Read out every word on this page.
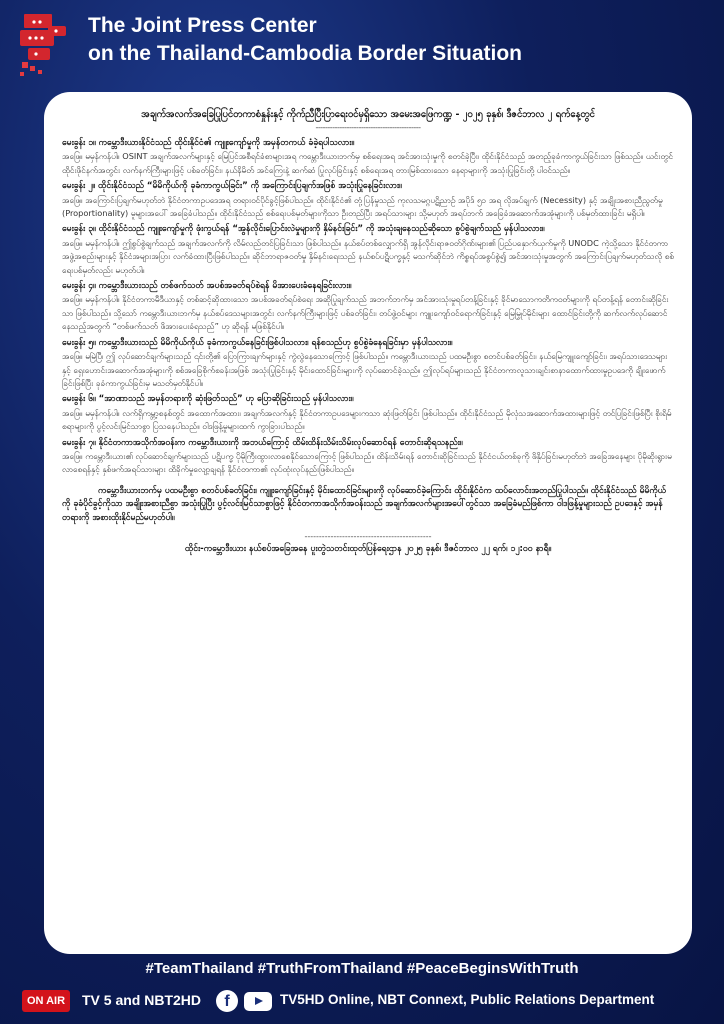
The Joint Press Center
on the Thailand-Cambodia Border Situation
အချက်အလက်အခြေပြုပြင်တကာစံနှုန်းနှင့် ကိုက်ညီပြီးပြာရေးဝင်မှရှိသော အမေးအဖြေကဏ္ဍ - ၂၀၂၅ ခုနှစ်၊ ဒီဇင်ဘာလ ၂ ရက်နေ့တွင်
--------------------------------------------
မေးခွန်း ၁။ ကမ္ဘောဒီးယားနိုင်ငံသည် ထိုင်းနိုင်ငံ၏ ကျူးကျော်မှုကို အမှန်တကယ် ခံခဲ့ရပါသလား။
အဖြေ။ မမှန်ကန်ပါ။ OSINT အချက်အလက်များနှင့် မြေပြင်အစီရင်ခံစာများအရ ကမ္ဘောဒီးယားဘက်မှ စစ်ရေးအရ အင်အားသုံးမှုကို စတင်ခဲ့ပြီး၊ ထိုင်းနိုင်ငံသည် အတည့်ခုခံကာကွယ်ခြင်းသာ ဖြစ်သည်။ ယင်းတွင် ထိုင်းဖိုင်နက်အတွင်း လက်နက်ကြီးများဖြင့် ပစ်ခတ်ခြင်း၊ နယ်နိမိတ် အင်ကြေးနဲ့ ဆက်ဆံ ပြုလုပ်ခြင်းနှင့် စစ်ရေးအရ တားမြစ်ထားသော နေရာများကို အသုံးပြုခြင်းတို့ ပါဝင်သည်။
မေးခွန်း ၂။ ထိုင်းနိုင်ငံသည် “မိမိကိုယ်ကို ခုခံကာကွယ်ခြင်း” ကို အကြောင်းပြချက်အဖြစ် အသုံးပြုနေခြင်းလား။
အဖြေ။ အကြောင်းပြချက်မဟုတ်ဘဲ နိုင်ငံတကာဥပဒေအရ တရားဝင်ပိုင်ခွင့်ဖြစ်ပါသည်။ ထိုင်းနိုင်ငံ၏ တုံ့ပြန်မှုသည် ကုလသမဂ္ဂပဋိညာဉ် အပိုဒ် ၅၁ အရ လိုအပ်ချက် (Necessity) နှင့် အချိုးအစားညီညွတ်မှု (Proportionality) မူများအပေါ် အခြေခံပါသည်။ ထိုင်းနိုင်ငံသည် စစ်ရေးပစ်မှတ်များကိုသာ ဦးတည်ပြီး အရပ်သားများ သို့မဟုတ် အရပ်ဘက် အခြေခံအဆောက်အအုံများကို ပစ်မှတ်ထားခြင်း မရှိပါ။
မေးခွန်း ၃။ ထိုင်းနိုင်ငံသည် ကျူးကျော်မှုကို ဖုံးကွယ်ရန် “အွန်လိုင်းပြောင်းလဲမှုများကို နှိမ်နင်းခြင်း” ကို အသုံးချနေသည်ဆိုသော စွပ်စွဲချက်သည် မှန်ပါသလား။
အဖြေ။ မမှန်ကန်ပါ။ ဤစွပ်စွဲချက်သည် အချက်အလက်ကို လိမ်လည်တင်ပြခြင်းသာ ဖြစ်ပါသည်။ နယ်စပ်တစ်လျှောက်ရှိ အွန်လိုင်းရာဇဝတ်ဂိုဏ်းများ၏ ပြည်ပနှောက်ယှက်မှုကို UNODC ကဲ့သို့သော နိုင်ငံတကာအဖွဲ့အစည်းများနှင့် နိုင်ငံအများအပြား လက်ခံထားပြီးဖြစ်ပါသည်။ ဆိုင်ဘာရာဇဝတ်မှု နှိမ်နင်းရေးသည် နယ်စပ်ပဋိပက္ခနှင့် မသက်ဆိုင်ဘဲ ကိစ္စရပ်အစွပ်စွဲ၍ အင်အားသုံးမှုအတွက် အကြောင်းပြချက်မဟုတ်သလို စစ်ရေးပစ်မှတ်လည်း မဟုတ်ပါ။
မေးခွန်း ၄။ ကမ္ဘောဒီးယားသည် တစ်ဖက်သတ် အပစ်အခတ်ရပ်စဲရန် မိအားပေးခံနေရခြင်းလား။
အဖြေ။ မမှန်ကန်ပါ။ နိုင်ငံတကာမီဒီယာနှင့် တစ်ဆင့်ဆိုထားသော အပစ်အခတ်ရပ်စဲရေး အဆိုပြုချက်သည် အဘက်ဘက်မှ အင်အားသုံးမှုရပ်တန့်ခြင်းနှင့် ခိုင်မာသောကတိကဝတ်များကို ရပ်တန့်ရန် တောင်းဆိုခြင်းသာ ဖြစ်ပါသည်။ သို့သော် ကမ္ဘောဒီးယားဘက်မှ နယ်စပ်ဒေသများအတွင်း လက်နက်ကြီးများဖြင့် ပစ်ခတ်ခြင်း၊ တပ်ဖွဲ့ဝင်များ ကျူးကျော်ဝင်ရောက်ခြင်းနှင့် မြေမြှုပ်မိုင်းများ ထောင်ခြင်းတို့ကို ဆက်လက်လုပ်ဆောင်နေသည့်အတွက် “တစ်ဖက်သတ် ဖိအားပေးခံရသည်” ဟု ဆိုရန် မဖြစ်နိုင်ပါ။
မေးခွန်း ၅။ ကမ္ဘောဒီးယားသည် မိမိကိုယ်ကိုယ် ခုခံကာကွယ်နေခြင်းဖြစ်ပါသလား၊ ရန်စသည်ဟု စွပ်စွဲခံနေရခြင်းမှာ မှန်ပါသလား။
အဖြေ။ မမြဲပြီ၊ ဤ လုပ်ဆောင်ချက်များသည် ၎င်းတို့၏ ပြောကြားချက်များနှင့် ကွဲလွဲနေသောကြောင့် ဖြစ်ပါသည်။ ကမ္ဘောဒီးယားသည် ပထမဦးစွာ စတင်ပစ်ခတ်ခြင်း၊ နယ်မြေကျူးကျော်ခြင်း၊ အရပ်သားဒေသများနှင့် ရှေးဟောင်းအဆောက်အအုံများကို စစ်အခြေစိုက်စခန်းအဖြစ် အသုံးပြုခြင်းနှင့် မိုင်းထောင်ခြင်းများကို လုပ်ဆောင်ခဲ့သည်။ ဤလုပ်ရပ်များသည် နိုင်ငံတကာလူသားချင်းစာနာထောက်ထားမှုဥပဒေကို ချိုးဖောက်ခြင်းဖြစ်ပြီး ခုခံကာကွယ်ခြင်းမှ မသတ်မှတ်နိုင်ပါ။
မေးခွန်း ၆။ “အာဏာသည် အမှန်တရားကို ဆုံးဖြတ်သည်” ဟု ပြောဆိုခြင်းသည် မှန်ပါသလား။
အဖြေ။ မမှန်ကန်ပါ။ လက်ရှိကမ္ဘာ့စနစ်တွင် အထောက်အထား၊ အချက်အလက်နှင့် နိုင်ငံတကာဥပဒေများကသာ ဆုံးဖြတ်ခြင်း ဖြစ်ပါသည်။ ထိုင်းနိုင်ငံသည် မိုလုံသအဆောက်အထားများဖြင့် တင်ပြခြင်းဖြစ်ပြီး စိုးရိမ်စရာများကို ပွင့်လင်းမြင်သာစွာ ပြသနေပါသည်။ ဝါဒဖြန့်မှုများထက် ကွာခြားပါသည်။
မေးခွန်း ၇။ နိုင်ငံတကာအသိုက်အဝန်းက ကမ္ဘောဒီးယားကို အဘယ်ကြောင့် ထိမ်းထိန်းသိမ်းသိမ်းလုပ်ဆောင်ရန် တောင်းဆိုရသနည်း။
အဖြေ။ ကမ္ဘောဒီးယား၏ လုပ်ဆောင်ချက်များသည် ပဋိပက္ခ ပိုမိုကြီးထွားလာစေနိုင်သောကြောင့် ဖြစ်ပါသည်။ ထိန်းသိမ်းရန် တောင်းဆိုခြင်းသည် နိုင်ငံငယ်တစ်ခုကို ဖိနှိပ်ခြင်းမဟုတ်ဘဲ အခြေအနေများ ပိုမိုဆိုးရွားမလာစေရန်နှင့် နှစ်ဖက်အရပ်သားများ ထိခိုက်မှုလျော့ချရန် နိုင်ငံတကာ၏ လုပ်ထုံးလုပ်နည်းဖြစ်ပါသည်။
ကမ္ဘောဒီးယားဘက်မှ ပထမဦးစွာ စတင်ပစ်ခတ်ခြင်း၊ ကျူးကျော်ခြင်းနှင့် မိုင်းထောင်ခြင်းများကို လုပ်ဆောင်ခဲ့ကြောင်း ထိုင်းနိုင်ငံက ထပ်လောင်းအတည်ပြုပါသည်။ ထိုင်းနိုင်ငံသည် မိမိကိုယ်ကို ခုခံပိုင်ခွင့်ကိုသာ အချိုးအစားညီစွာ အသုံးပြုပြီး ပွင့်လင်းမြင်သာစွာဖြင့် နိုင်ငံတကာအသိုက်အဝန်းသည် အချက်အလက်များအပေါ်တွင်သာ အခြေခံမည်ဖြစ်ကာ ဝါဒဖြန့်မှုများသည် ဥပဒေနှင့် အမှန်တရားကို အစားထိုးနိုင်မည်မဟုတ်ပါ။
--------------------------------------------
ထိုင်း-ကမ္ဘောဒီးယား နယ်စပ်အခြေအနေ ပူးတွဲသတင်းထုတ်ပြန်ရေးဌာန ၂၀၂၅ ခုနှစ်၊ ဒီဇင်ဘာလ ၂၂ ရက်၊ ၁၂:၀၀ နာရီ။
#TeamThailand #TruthFromThailand #PeaceBeginsWithTruth
ON AIR	TV 5 and NBT2HD	f	TV5HD Online, NBT Connext, Public Relations Department
